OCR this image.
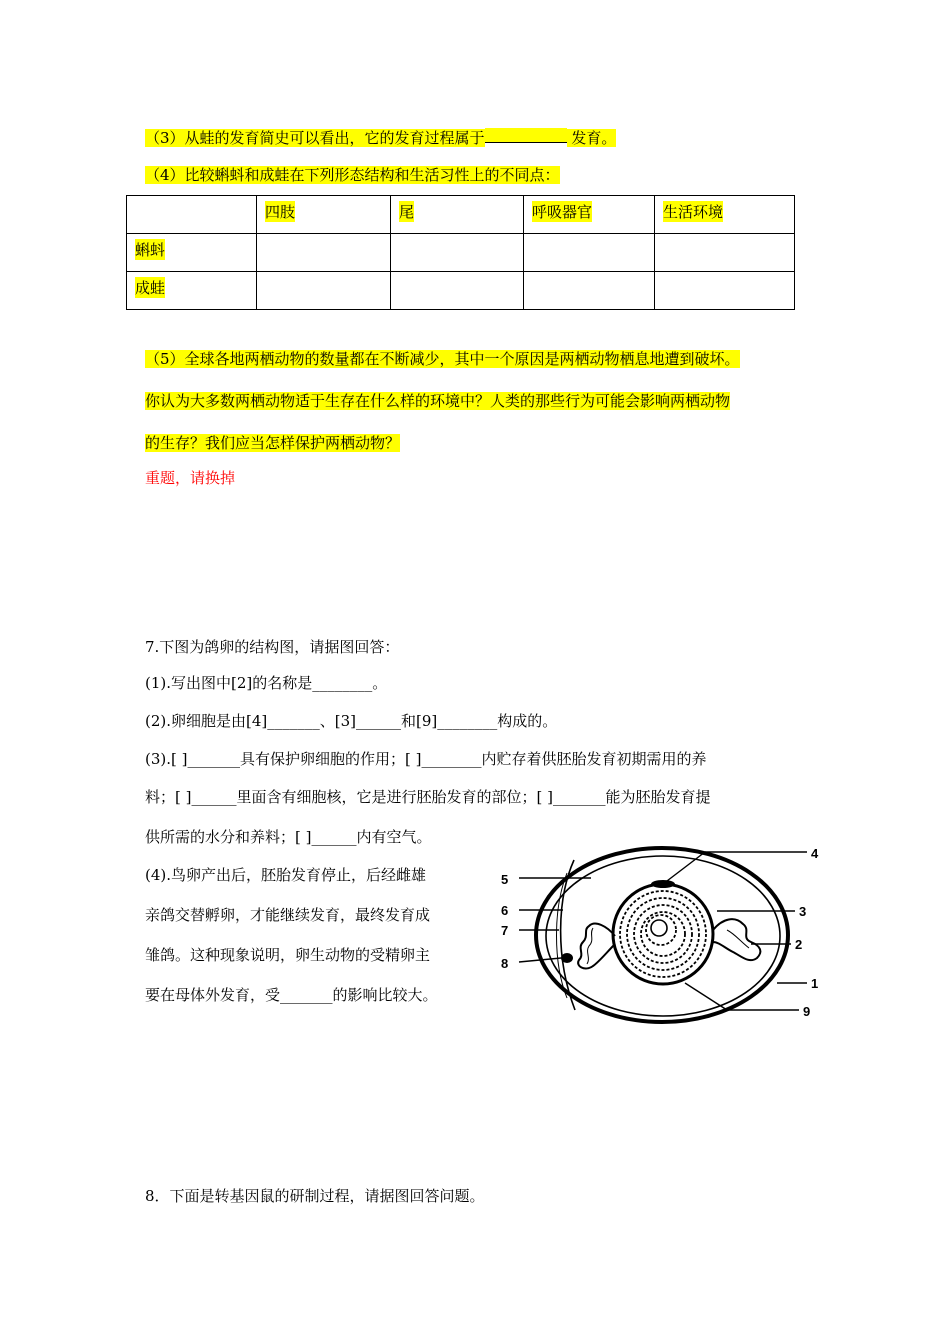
（3）从蛙的发育简史可以看出，它的发育过程属于	发育。
（4）比较蝌蚪和成蛙在下列形态结构和生活习性上的不同点：
	四肢	尾	呼吸器官	生活环境
蝌蚪				
成蛙				
（5）全球各地两栖动物的数量都在不断减少，其中一个原因是两栖动物栖息地遭到破坏。
你认为大多数两栖动物适于生存在什么样的环境中？人类的那些行为可能会影响两栖动物
的生存？我们应当怎样保护两栖动物？
重题，请换掉
7.下图为鸽卵的结构图，请据图回答：
(1).写出图中[2]的名称是________。
(2).卵细胞是由[4]_______、[3]______和[9]________构成的。
(3).[ ]_______具有保护卵细胞的作用；[ ]________内贮存着供胚胎发育初期需用的养
料；[ ]______里面含有细胞核，它是进行胚胎发育的部位；[ ]_______能为胚胎发育提
供所需的水分和养料；[ ]______内有空气。
(4).鸟卵产出后，胚胎发育停止，后经雌雄
亲鸽交替孵卵，才能继续发育，最终发育成
雏鸽。这种现象说明，卵生动物的受精卵主
要在母体外发育，受_______的影响比较大。
4
5
6	3
7
2
8
1
9
8．下面是转基因鼠的研制过程，请据图回答问题。
